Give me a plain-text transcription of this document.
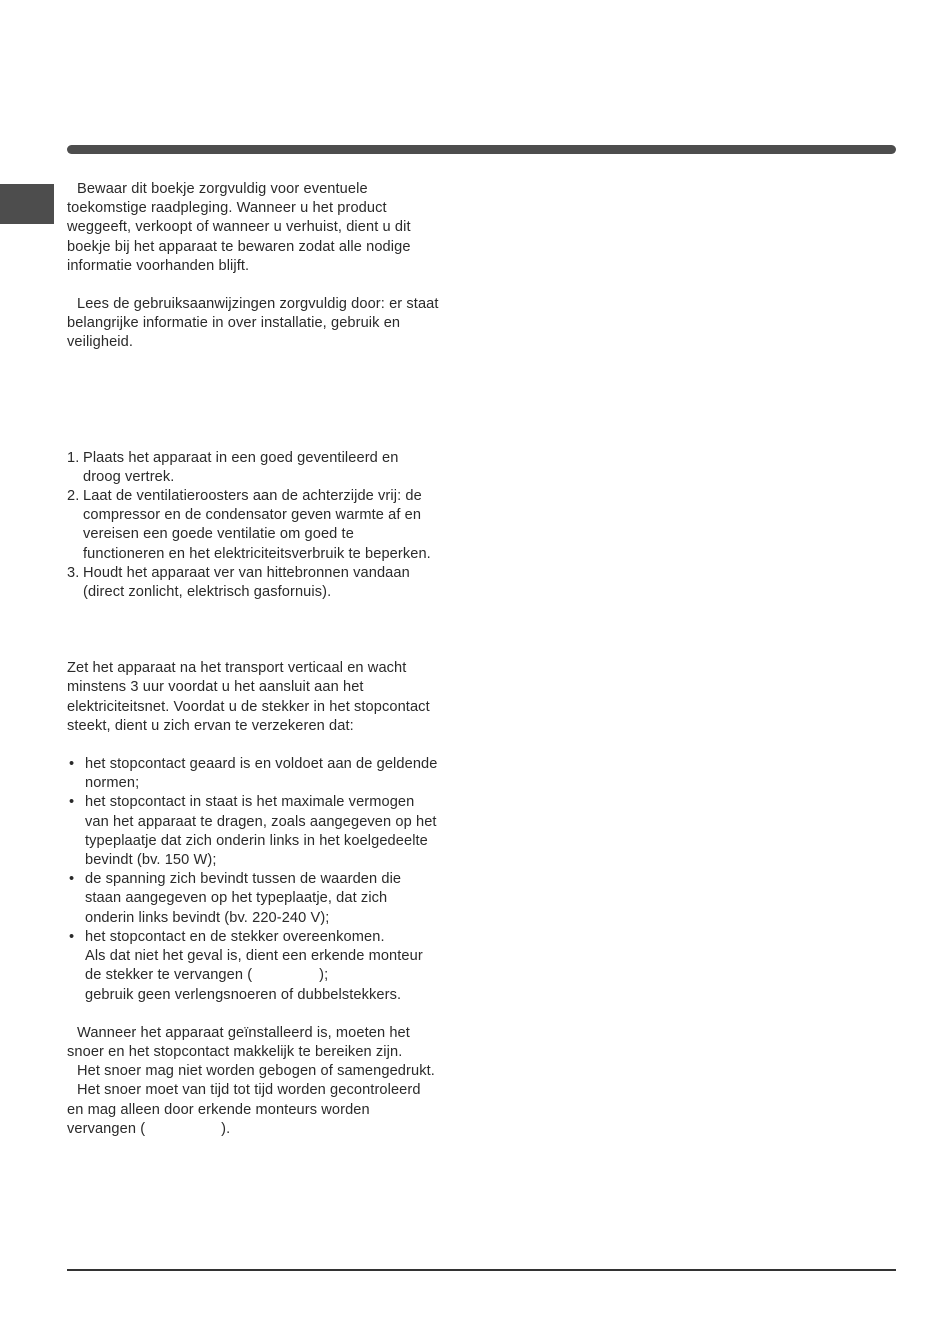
Bewaar dit boekje zorgvuldig voor eventuele toekomstige raadpleging. Wanneer u het product weggeeft, verkoopt of wanneer u verhuist, dient u dit boekje bij het apparaat te bewaren zodat alle nodige informatie voorhanden blijft.

Lees de gebruiksaanwijzingen zorgvuldig door: er staat belangrijke informatie in over installatie, gebruik en veiligheid.

1. Plaats het apparaat in een goed geventileerd en droog vertrek.
2. Laat de ventilatieroosters aan de achterzijde vrij: de compressor en de condensator geven warmte af en vereisen een goede ventilatie om goed te functioneren en het elektriciteitsverbruik te beperken.
3. Houdt het apparaat ver van hittebronnen vandaan (direct zonlicht, elektrisch gasfornuis).

Zet het apparaat na het transport verticaal en wacht minstens 3 uur voordat u het aansluit aan het elektriciteitsnet. Voordat u de stekker in het stopcontact steekt, dient u zich ervan te verzekeren dat:

• het stopcontact geaard is en voldoet aan de geldende normen;
• het stopcontact in staat is het maximale vermogen van het apparaat te dragen, zoals aangegeven op het typeplaatje dat zich onderin links in het koelgedeelte bevindt (bv. 150 W);
• de spanning zich bevindt tussen de waarden die staan aangegeven op het typeplaatje, dat zich onderin links bevindt (bv. 220-240 V);
• het stopcontact en de stekker overeenkomen.
Als dat niet het geval is, dient een erkende monteur de stekker te vervangen (	);
gebruik geen verlengsnoeren of dubbelstekkers.

Wanneer het apparaat geïnstalleerd is, moeten het snoer en het stopcontact makkelijk te bereiken zijn.

Het snoer mag niet worden gebogen of samengedrukt.

Het snoer moet van tijd tot tijd worden gecontroleerd en mag alleen door erkende monteurs worden vervangen (	).
